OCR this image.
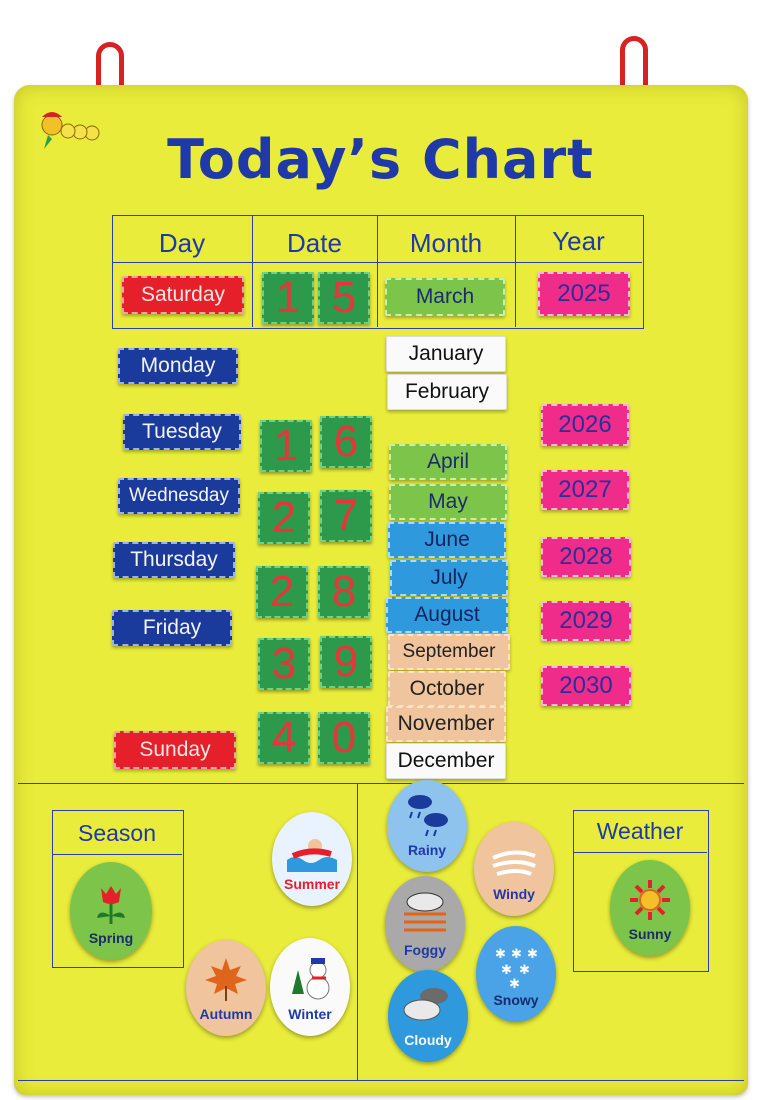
Today’s Chart
Day	Date	Month	Year
Saturday	1 5	March	2025
Monday
Tuesday
Wednesday
Thursday
Friday
Sunday
1 6
2 7
2 8
3 9
4 0
January
February
April
May
June
July
August
September
October
November
December
2026
2027
2028
2029
2030
Season	Weather
Spring
Summer
Autumn	Winter
Sunny
Rainy
Windy
Foggy	✱ ✱ ✱
✱ ✱
✱
Snowy
Cloudy
